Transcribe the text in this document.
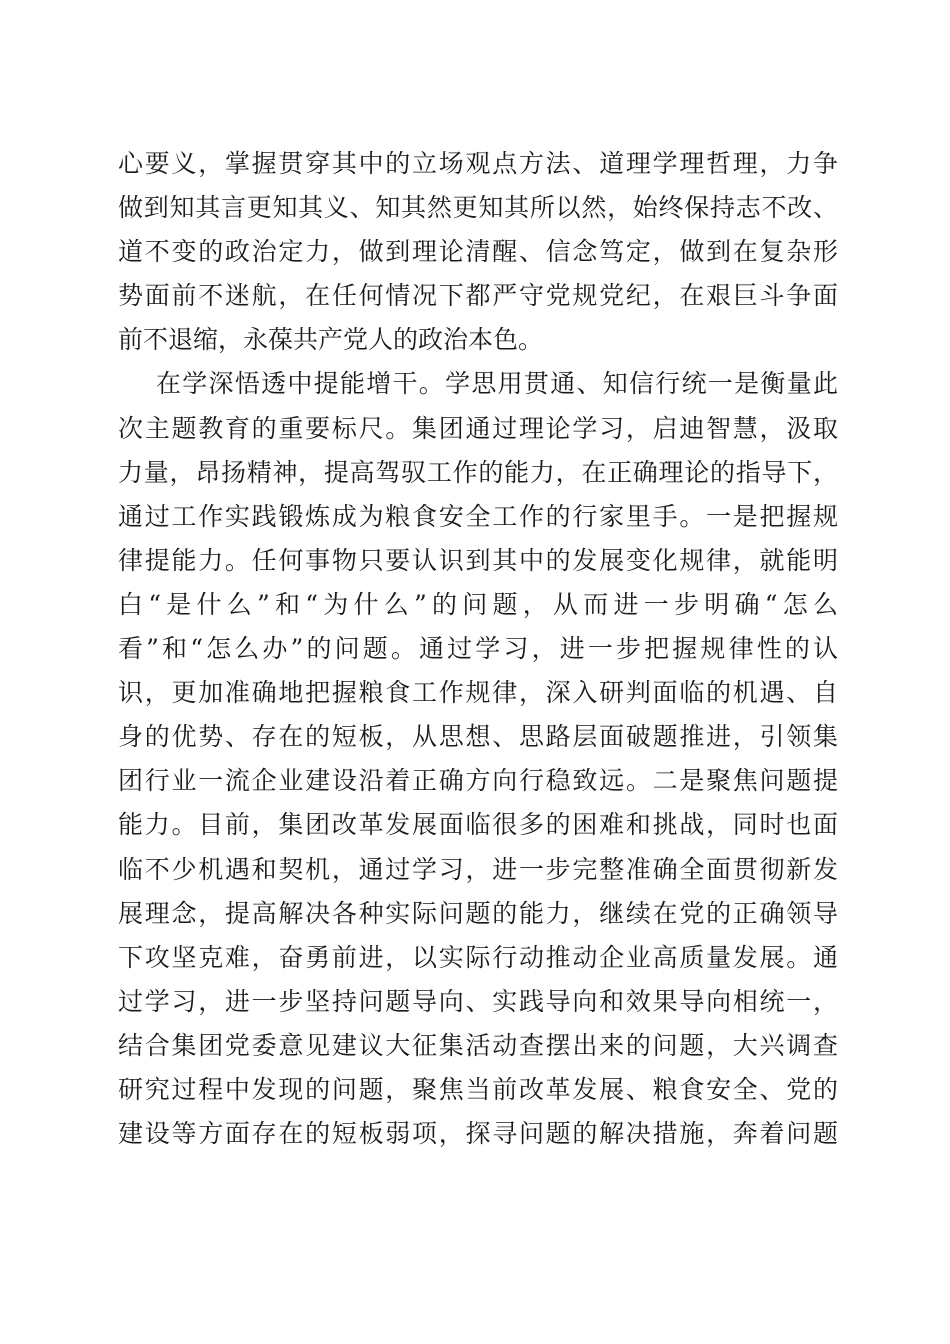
心要义，掌握贯穿其中的立场观点方法、道理学理哲理，力争
做到知其言更知其义、知其然更知其所以然，始终保持志不改、
道不变的政治定力，做到理论清醒、信念笃定，做到在复杂形
势面前不迷航，在任何情况下都严守党规党纪，在艰巨斗争面
前不退缩，永葆共产党人的政治本色。
在学深悟透中提能增干。学思用贯通、知信行统一是衡量此
次主题教育的重要标尺。集团通过理论学习，启迪智慧，汲取
力量，昂扬精神，提高驾驭工作的能力，在正确理论的指导下，
通过工作实践锻炼成为粮食安全工作的行家里手。一是把握规
律提能力。任何事物只要认识到其中的发展变化规律，就能明
白“是什么”和“为什么”的问题，从而进一步明确“怎么
看”和“怎么办”的问题。通过学习，进一步把握规律性的认
识，更加准确地把握粮食工作规律，深入研判面临的机遇、自
身的优势、存在的短板，从思想、思路层面破题推进，引领集
团行业一流企业建设沿着正确方向行稳致远。二是聚焦问题提
能力。目前，集团改革发展面临很多的困难和挑战，同时也面
临不少机遇和契机，通过学习，进一步完整准确全面贯彻新发
展理念，提高解决各种实际问题的能力，继续在党的正确领导
下攻坚克难，奋勇前进，以实际行动推动企业高质量发展。通
过学习，进一步坚持问题导向、实践导向和效果导向相统一，
结合集团党委意见建议大征集活动查摆出来的问题，大兴调查
研究过程中发现的问题，聚焦当前改革发展、粮食安全、党的
建设等方面存在的短板弱项，探寻问题的解决措施，奔着问题
